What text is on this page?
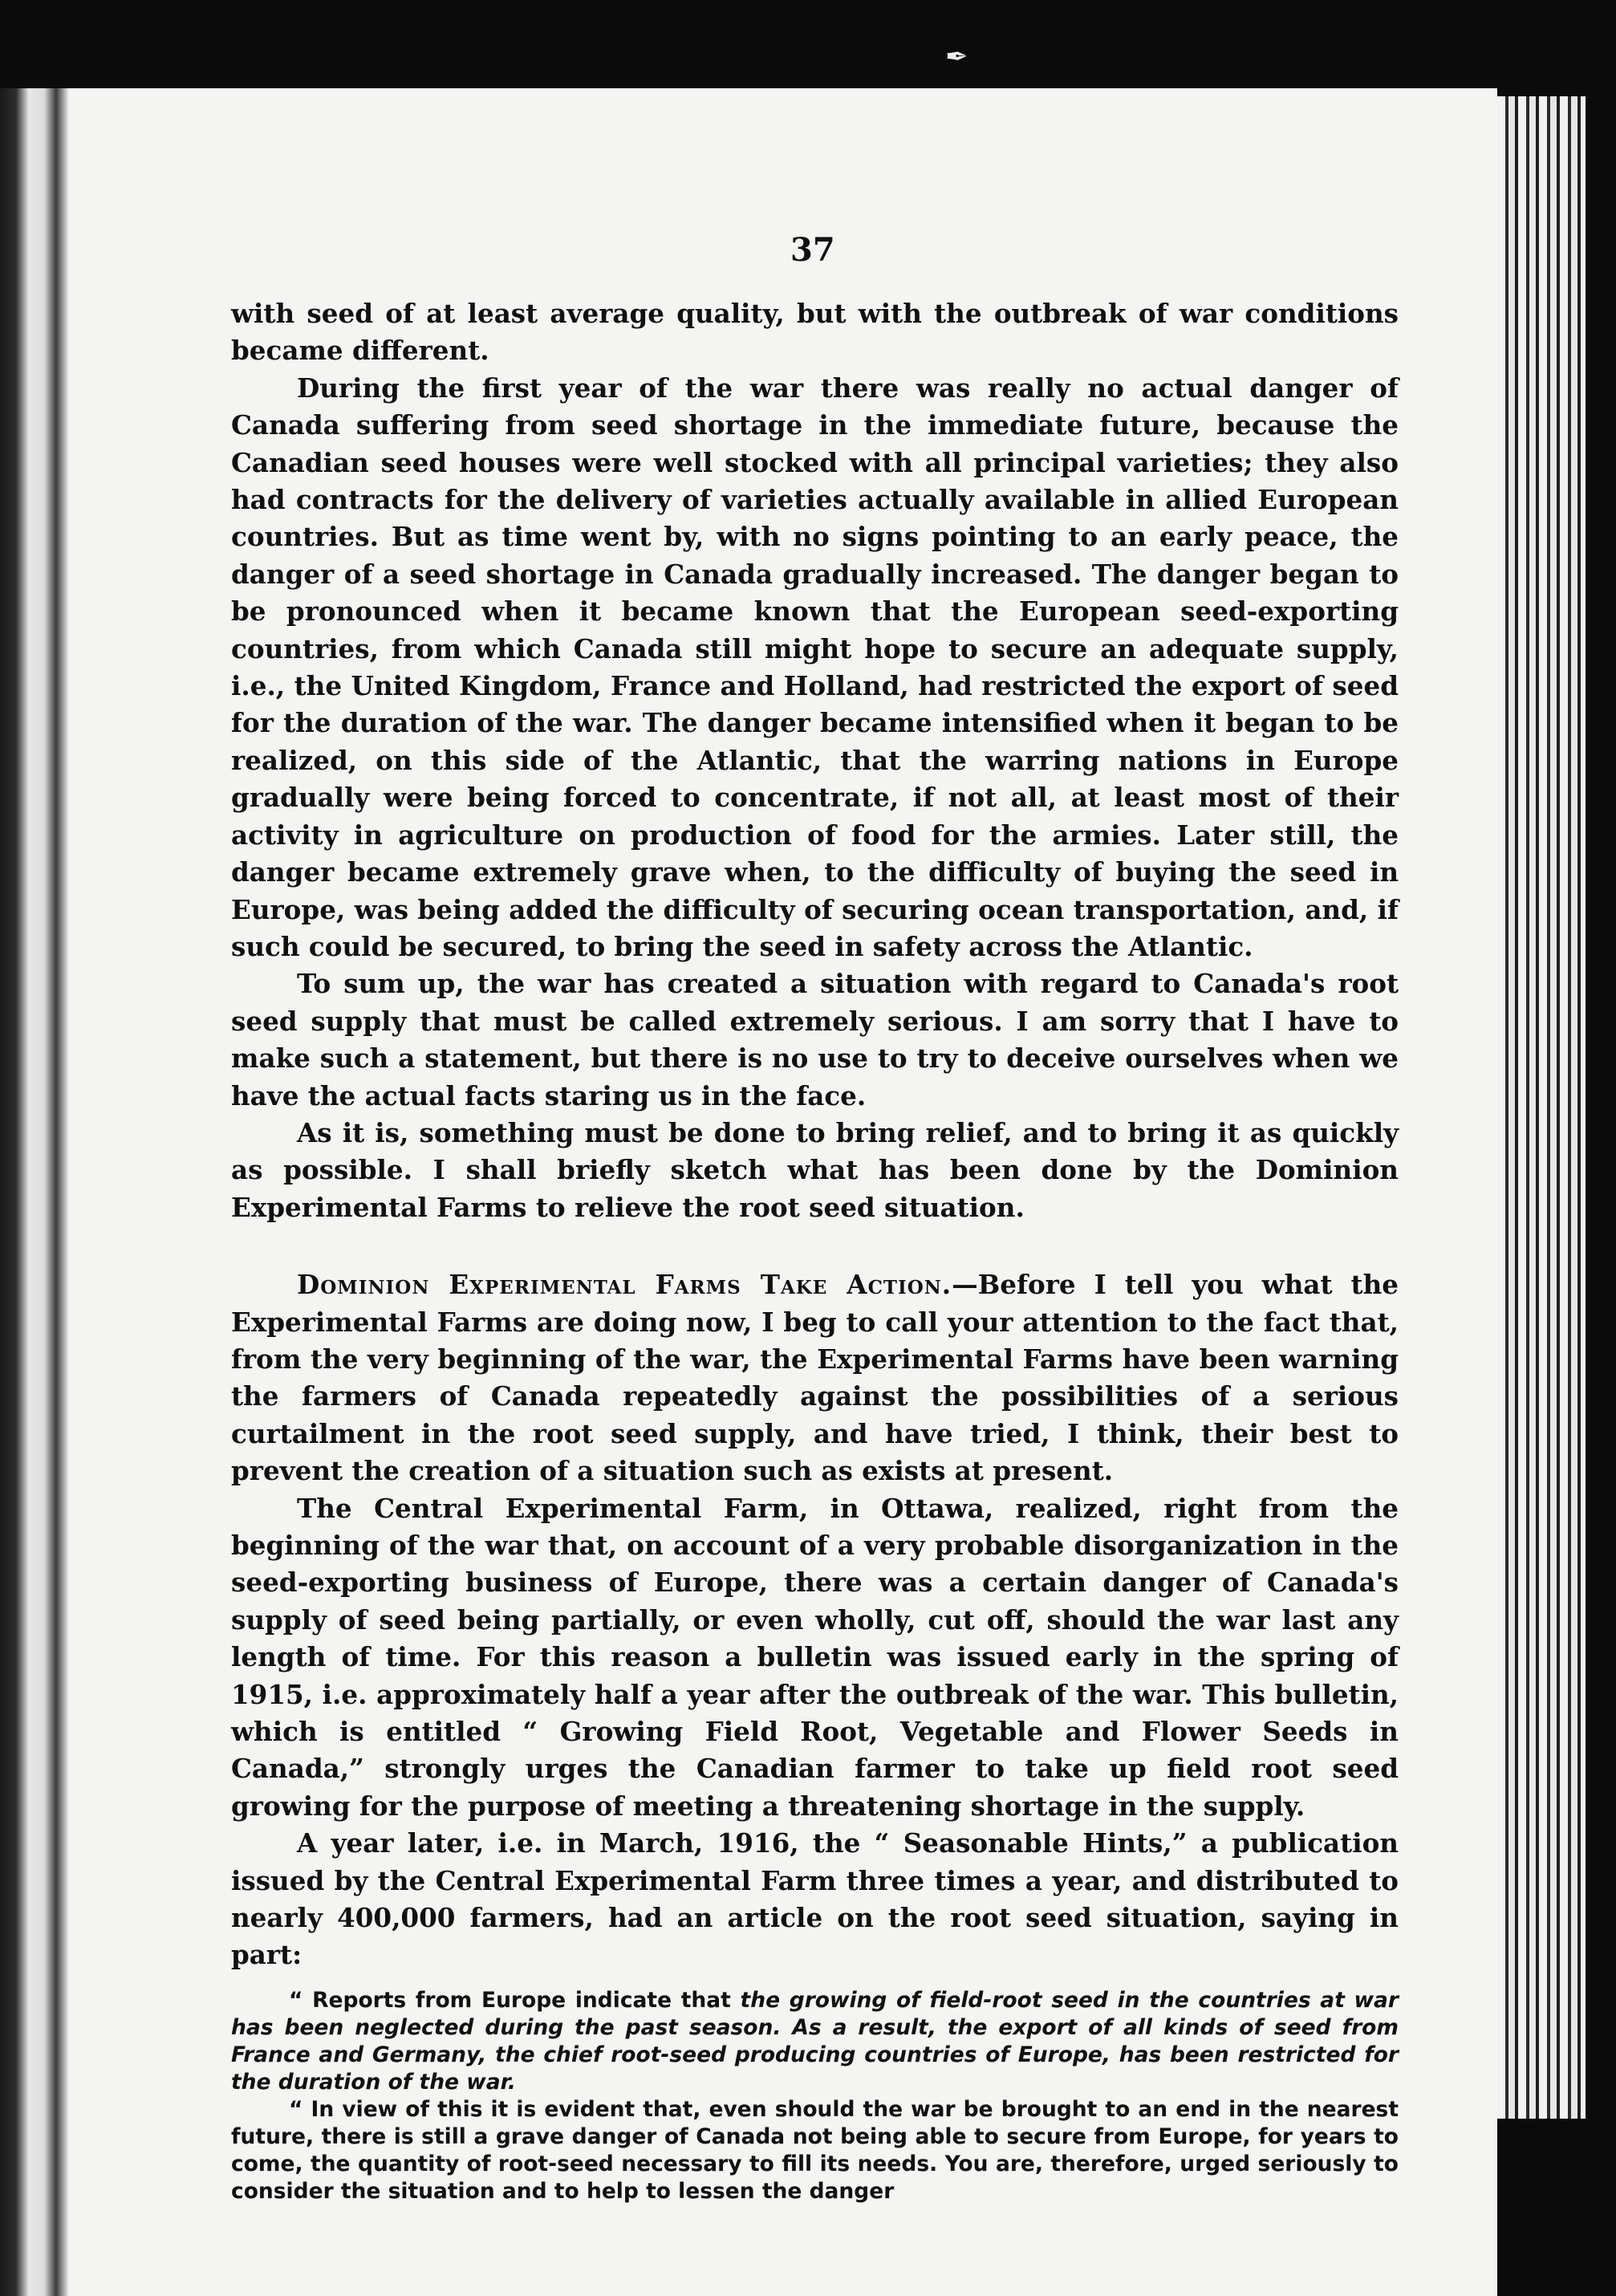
✒

37

with seed of at least average quality, but with the outbreak of war conditions became different.

During the first year of the war there was really no actual danger of Canada suffering from seed shortage in the immediate future, because the Canadian seed houses were well stocked with all principal varieties; they also had contracts for the delivery of varieties actually available in allied European countries. But as time went by, with no signs pointing to an early peace, the danger of a seed shortage in Canada gradually increased. The danger began to be pronounced when it became known that the European seed-exporting countries, from which Canada still might hope to secure an adequate supply, i.e., the United Kingdom, France and Holland, had restricted the export of seed for the duration of the war. The danger became intensified when it began to be realized, on this side of the Atlantic, that the warring nations in Europe gradually were being forced to concentrate, if not all, at least most of their activity in agriculture on production of food for the armies. Later still, the danger became extremely grave when, to the difficulty of buying the seed in Europe, was being added the difficulty of securing ocean transportation, and, if such could be secured, to bring the seed in safety across the Atlantic.

To sum up, the war has created a situation with regard to Canada's root seed supply that must be called extremely serious. I am sorry that I have to make such a statement, but there is no use to try to deceive ourselves when we have the actual facts staring us in the face.

As it is, something must be done to bring relief, and to bring it as quickly as possible. I shall briefly sketch what has been done by the Dominion Experimental Farms to relieve the root seed situation.

Dominion Experimental Farms Take Action.—Before I tell you what the Experimental Farms are doing now, I beg to call your attention to the fact that, from the very beginning of the war, the Experimental Farms have been warning the farmers of Canada repeatedly against the possibilities of a serious curtailment in the root seed supply, and have tried, I think, their best to prevent the creation of a situation such as exists at present.

The Central Experimental Farm, in Ottawa, realized, right from the beginning of the war that, on account of a very probable disorganization in the seed-exporting business of Europe, there was a certain danger of Canada's supply of seed being partially, or even wholly, cut off, should the war last any length of time. For this reason a bulletin was issued early in the spring of 1915, i.e. approximately half a year after the outbreak of the war. This bulletin, which is entitled “ Growing Field Root, Vegetable and Flower Seeds in Canada,” strongly urges the Canadian farmer to take up field root seed growing for the purpose of meeting a threatening shortage in the supply.

A year later, i.e. in March, 1916, the “ Seasonable Hints,” a publication issued by the Central Experimental Farm three times a year, and distributed to nearly 400,000 farmers, had an article on the root seed situation, saying in part:

“ Reports from Europe indicate that the growing of field-root seed in the countries at war has been neglected during the past season. As a result, the export of all kinds of seed from France and Germany, the chief root-seed producing countries of Europe, has been restricted for the duration of the war.

“ In view of this it is evident that, even should the war be brought to an end in the nearest future, there is still a grave danger of Canada not being able to secure from Europe, for years to come, the quantity of root-seed necessary to fill its needs. You are, therefore, urged seriously to consider the situation and to help to lessen the danger
